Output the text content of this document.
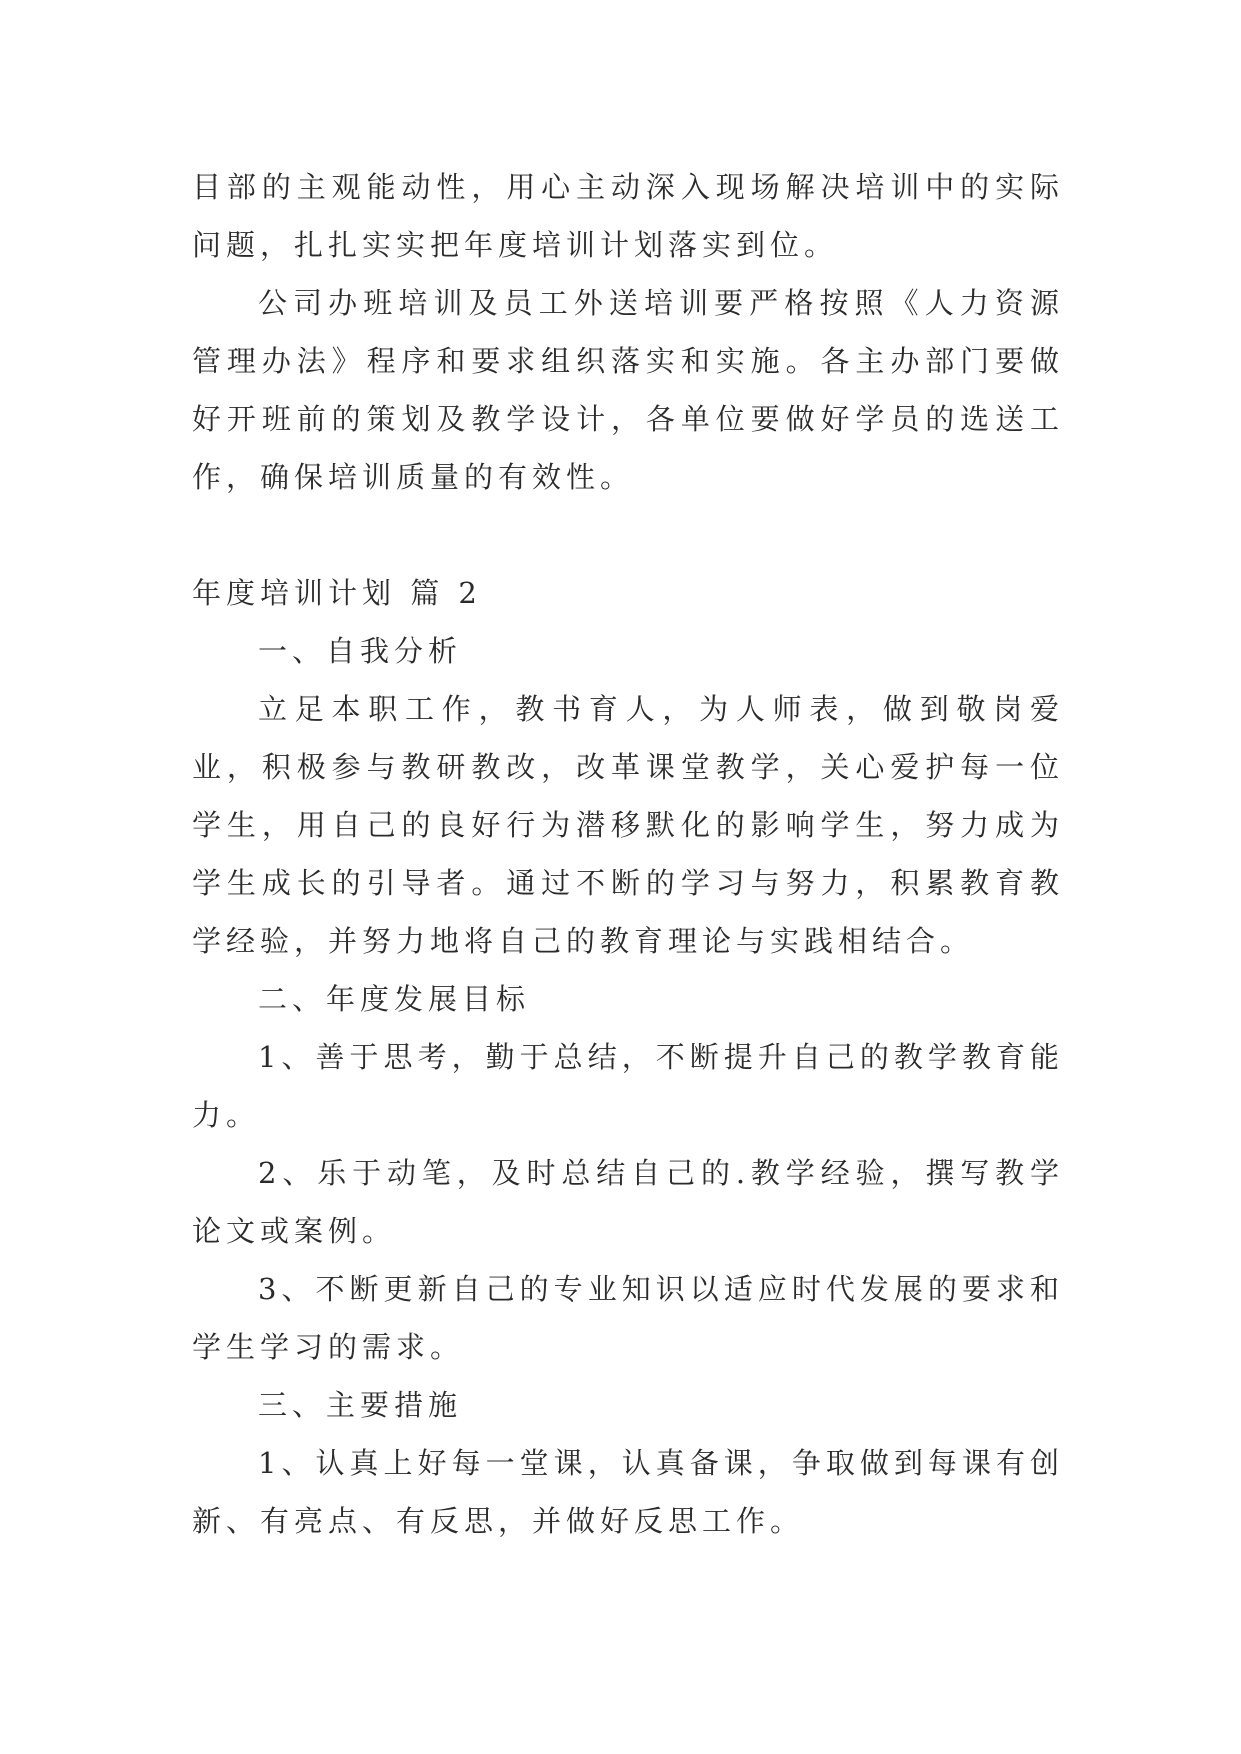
目部的主观能动性，用心主动深入现场解决培训中的实际问题，扎扎实实把年度培训计划落实到位。

公司办班培训及员工外送培训要严格按照《人力资源管理办法》程序和要求组织落实和实施。各主办部门要做好开班前的策划及教学设计，各单位要做好学员的选送工作，确保培训质量的有效性。

年度培训计划 篇 2

一、自我分析

立足本职工作，教书育人，为人师表，做到敬岗爱业，积极参与教研教改，改革课堂教学，关心爱护每一位学生，用自己的良好行为潜移默化的影响学生，努力成为学生成长的引导者。通过不断的学习与努力，积累教育教学经验，并努力地将自己的教育理论与实践相结合。

二、年度发展目标

1、善于思考，勤于总结，不断提升自己的教学教育能力。

2、乐于动笔，及时总结自己的.教学经验，撰写教学论文或案例。

3、不断更新自己的专业知识以适应时代发展的要求和学生学习的需求。

三、主要措施

1、认真上好每一堂课，认真备课，争取做到每课有创新、有亮点、有反思，并做好反思工作。
